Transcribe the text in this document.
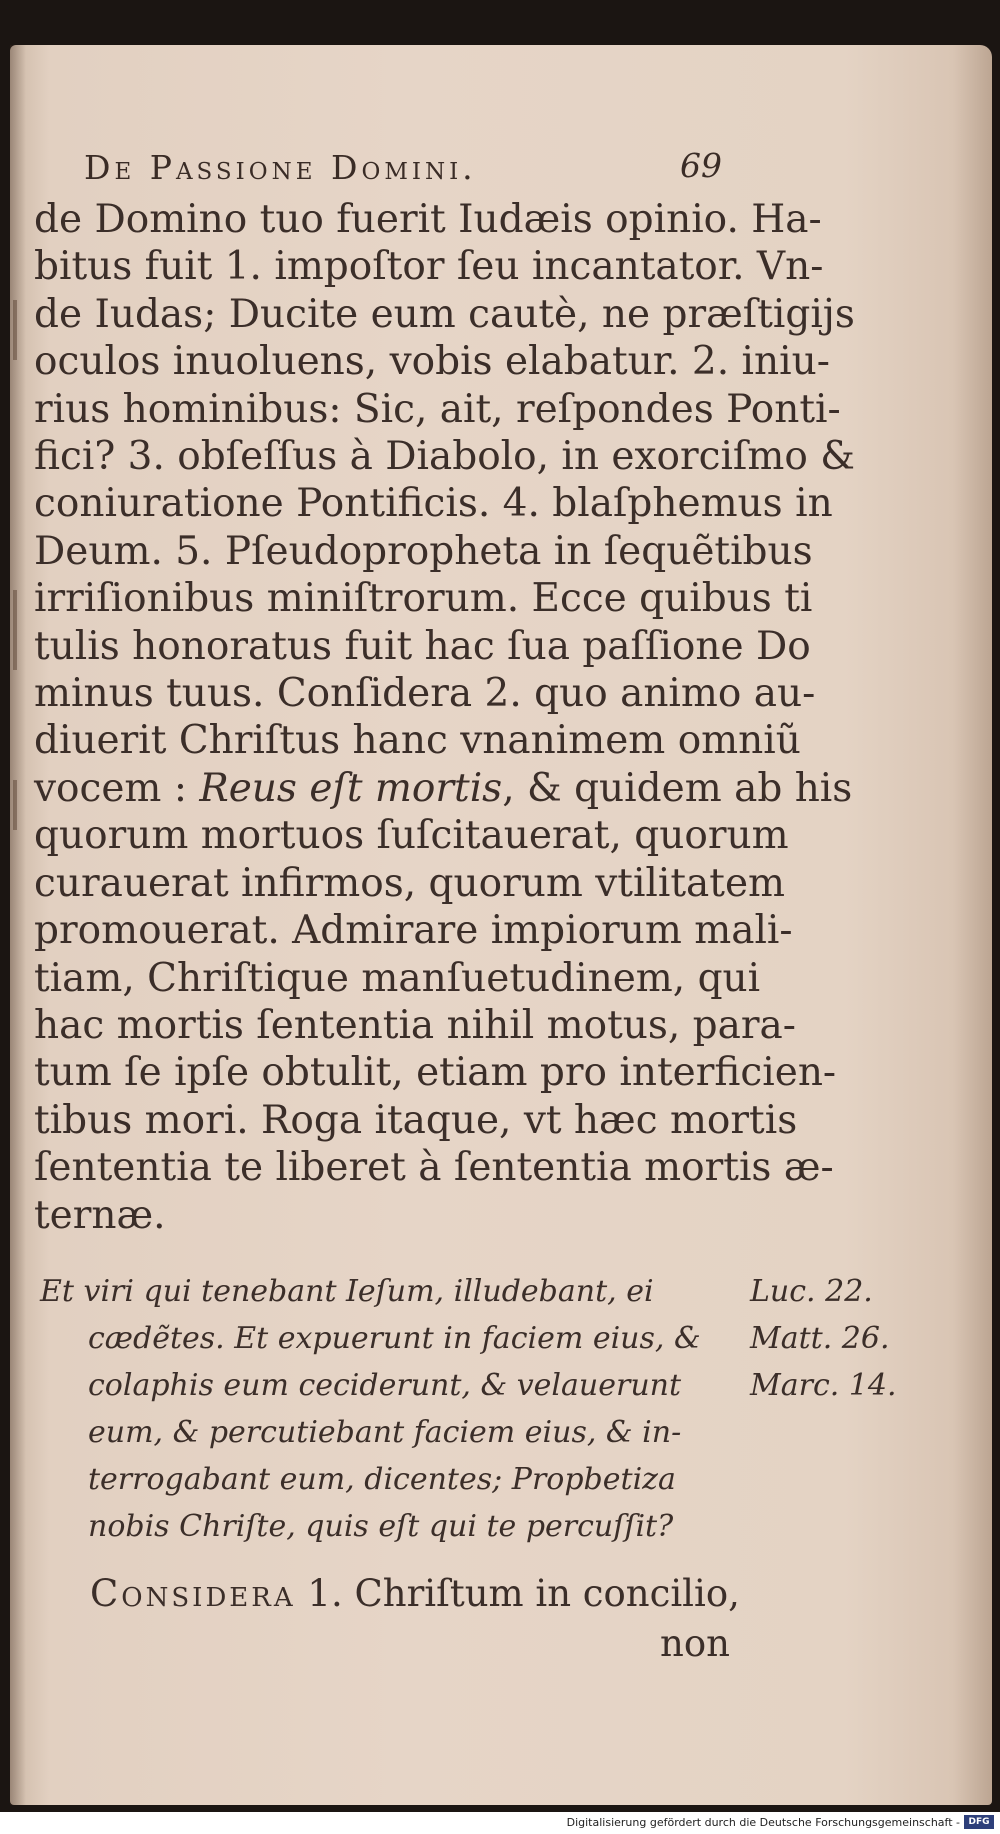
De Passione Domini.	69
de Domino tuo fuerit Iudæis opinio. Ha-
bitus fuit 1. impoſtor ſeu incantator. Vn-
de Iudas; Ducite eum cautè, ne præſtigijs
oculos inuoluens, vobis elabatur. 2. iniu-
rius hominibus: Sic, ait, reſpondes Ponti-
fici? 3. obſeſſus à Diabolo, in exorciſmo &
coniuratione Pontificis. 4. blaſphemus in
Deum. 5. Pſeudopropheta in ſequẽtibus
irriſionibus miniſtrorum. Ecce quibus ti
tulis honoratus fuit hac ſua paſſione Do
minus tuus. Conſidera 2. quo animo au-
diuerit Chriſtus hanc vnanimem omniũ
vocem : Reus eſt mortis, & quidem ab his
quorum mortuos ſuſcitauerat, quorum
curauerat infirmos, quorum vtilitatem
promouerat. Admirare impiorum mali-
tiam, Chriſtique manſuetudinem, qui
hac mortis ſententia nihil motus, para-
tum ſe ipſe obtulit, etiam pro interficien-
tibus mori. Roga itaque, vt hæc mortis
ſententia te liberet à ſententia mortis æ-
ternæ.
Et viri qui tenebant Ieſum, illudebant, ei
cædẽtes. Et expuerunt in faciem eius, &
colaphis eum ceciderunt, & velauerunt
eum, & percutiebant faciem eius, & in-
terrogabant eum, dicentes; Propbetiza
nobis Chriſte, quis eſt qui te percuſſit?
Luc. 22.
Matt. 26.
Marc. 14.
Considera 1. Chriſtum in concilio,
non
Digitalisierung gefördert durch die Deutsche Forschungsgemeinschaft - DFG
